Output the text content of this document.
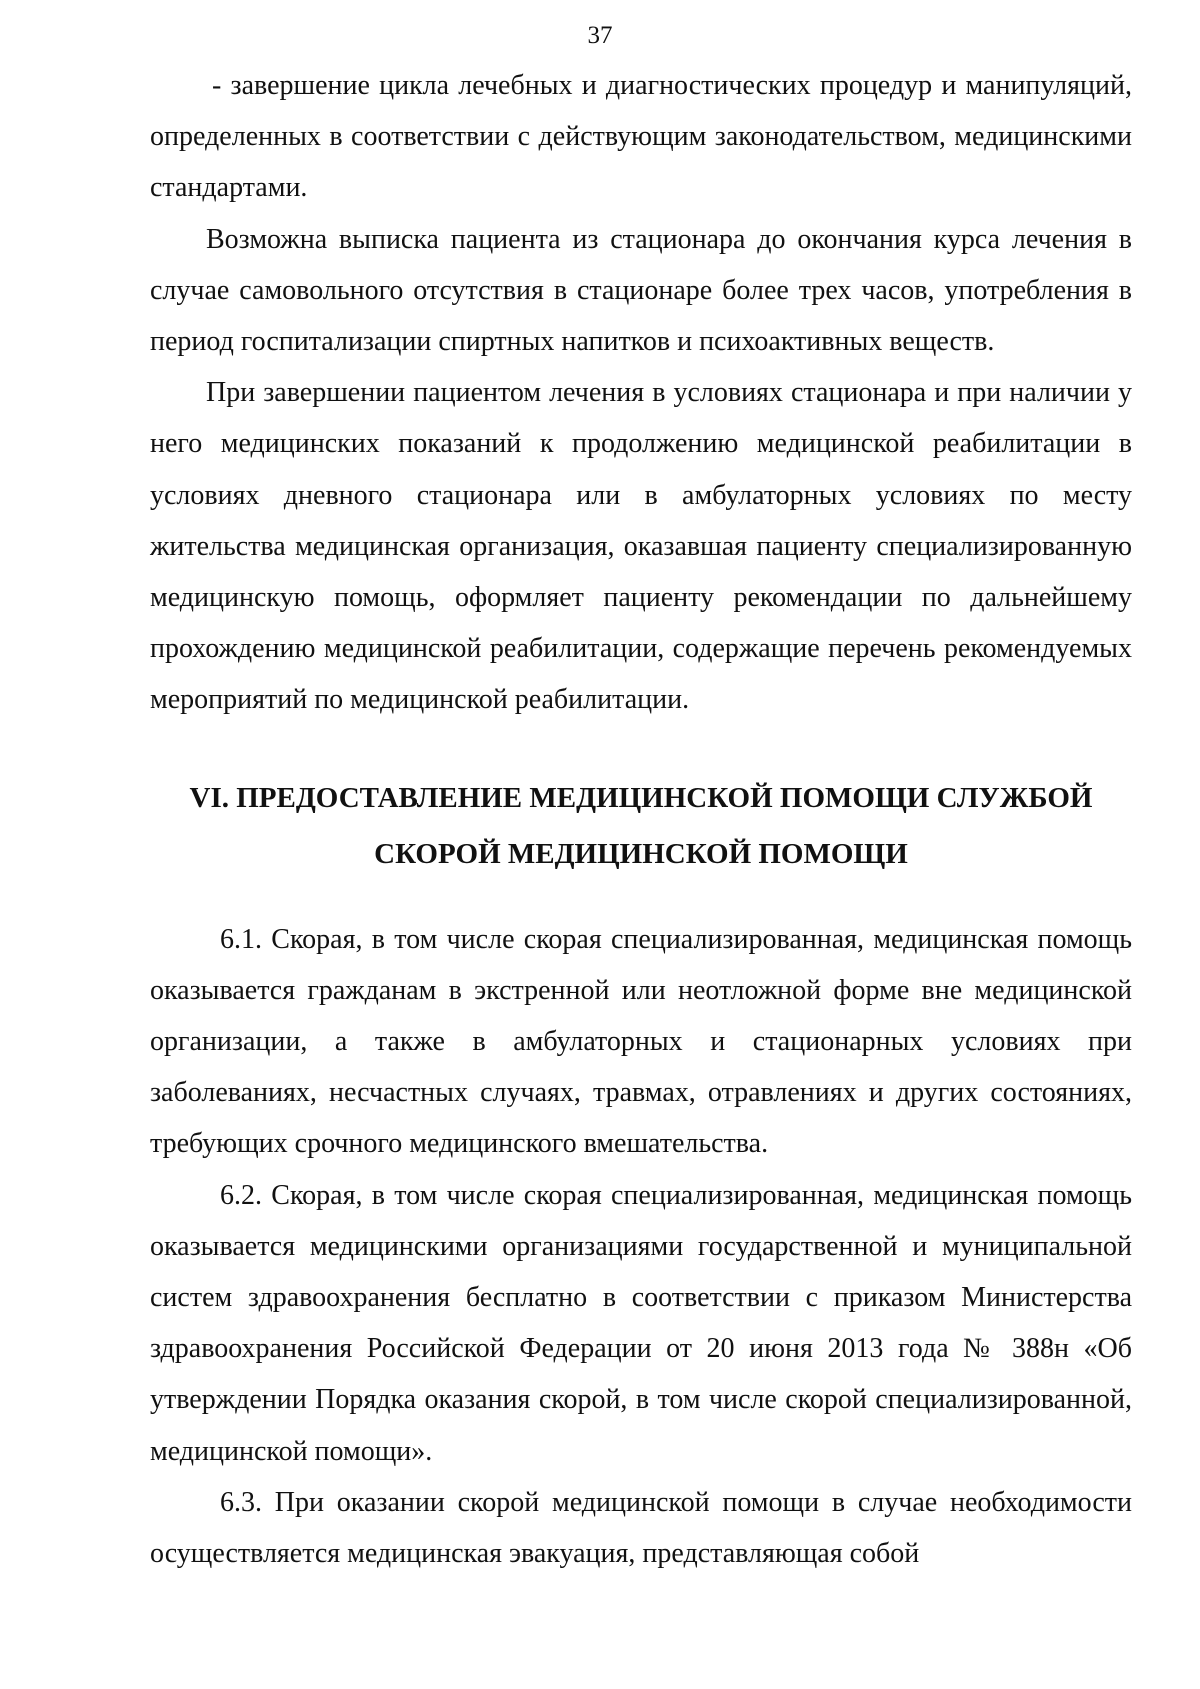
37

- завершение цикла лечебных и диагностических процедур и манипуляций, определенных в соответствии с действующим законодательством, медицинскими стандартами.

Возможна выписка пациента из стационара до окончания курса лечения в случае самовольного отсутствия в стационаре более трех часов, употребления в период госпитализации спиртных напитков и психоактивных веществ.

При завершении пациентом лечения в условиях стационара и при наличии у него медицинских показаний к продолжению медицинской реабилитации в условиях дневного стационара или в амбулаторных условиях по месту жительства медицинская организация, оказавшая пациенту специализированную медицинскую помощь, оформляет пациенту рекомендации по дальнейшему прохождению медицинской реабилитации, содержащие перечень рекомендуемых мероприятий по медицинской реабилитации.

VI. ПРЕДОСТАВЛЕНИЕ МЕДИЦИНСКОЙ ПОМОЩИ СЛУЖБОЙ
СКОРОЙ МЕДИЦИНСКОЙ ПОМОЩИ

6.1. Скорая, в том числе скорая специализированная, медицинская помощь оказывается гражданам в экстренной или неотложной форме вне медицинской организации, а также в амбулаторных и стационарных условиях при заболеваниях, несчастных случаях, травмах, отравлениях и других состояниях, требующих срочного медицинского вмешательства.

6.2. Скорая, в том числе скорая специализированная, медицинская помощь оказывается медицинскими организациями государственной и муниципальной систем здравоохранения бесплатно в соответствии с приказом Министерства здравоохранения Российской Федерации от 20 июня 2013 года № 388н «Об утверждении Порядка оказания скорой, в том числе скорой специализированной, медицинской помощи».

6.3. При оказании скорой медицинской помощи в случае необходимости осуществляется медицинская эвакуация, представляющая собой
